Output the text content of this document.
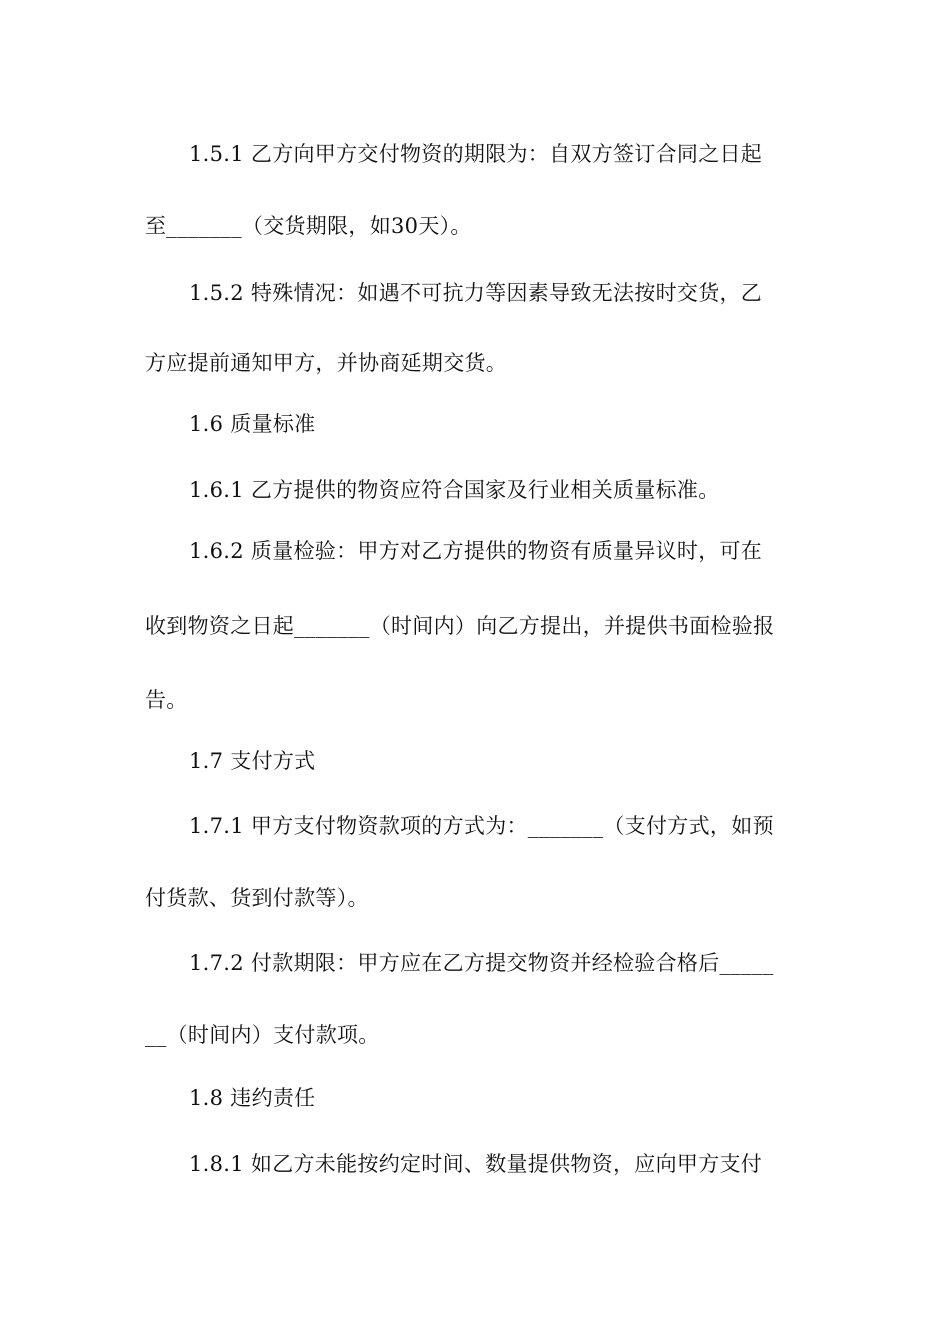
1.5.1 乙方向甲方交付物资的期限为：自双方签订合同之日起
至_______（交货期限，如30天）。
1.5.2 特殊情况：如遇不可抗力等因素导致无法按时交货，乙
方应提前通知甲方，并协商延期交货。
1.6 质量标准
1.6.1 乙方提供的物资应符合国家及行业相关质量标准。
1.6.2 质量检验：甲方对乙方提供的物资有质量异议时，可在
收到物资之日起_______（时间内）向乙方提出，并提供书面检验报
告。
1.7 支付方式
1.7.1 甲方支付物资款项的方式为：_______（支付方式，如预
付货款、货到付款等）。
1.7.2 付款期限：甲方应在乙方提交物资并经检验合格后_____
__（时间内）支付款项。
1.8 违约责任
1.8.1 如乙方未能按约定时间、数量提供物资，应向甲方支付
